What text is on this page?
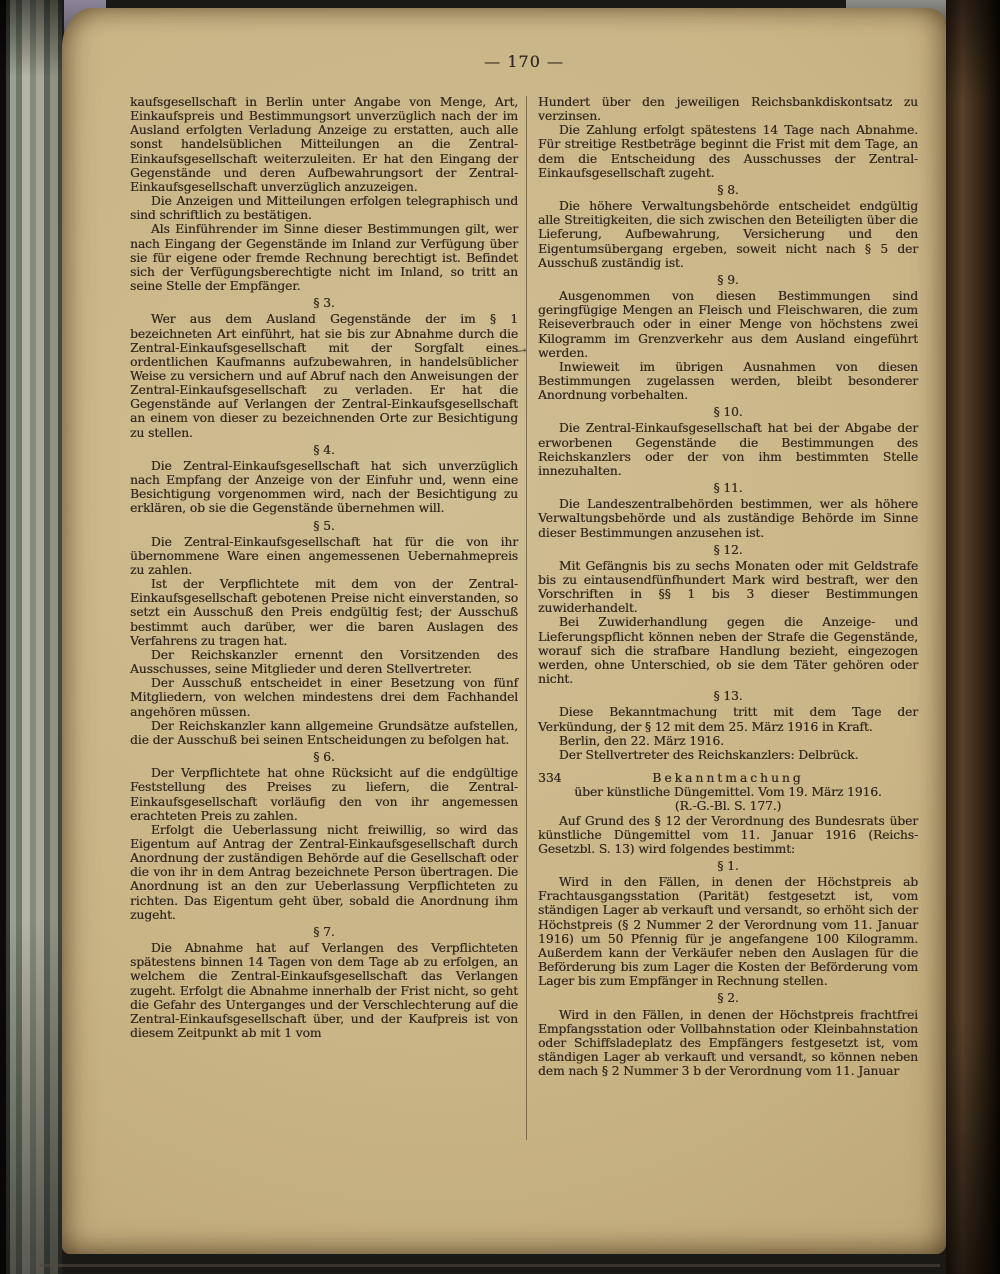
— 170 —
→
kaufsgesellschaft in Berlin unter Angabe von Menge, Art, Einkaufspreis und Bestimmungsort unverzüglich nach der im Ausland erfolgten Verladung Anzeige zu erstatten, auch alle sonst handelsüblichen Mitteilungen an die Zentral-Einkaufsgesellschaft weiterzuleiten. Er hat den Eingang der Gegenstände und deren Aufbewahrungsort der Zentral-Einkaufsgesellschaft unverzüglich anzuzeigen.
Die Anzeigen und Mitteilungen erfolgen telegraphisch und sind schriftlich zu bestätigen.
Als Einführender im Sinne dieser Bestimmungen gilt, wer nach Eingang der Gegenstände im Inland zur Verfügung über sie für eigene oder fremde Rechnung berechtigt ist. Befindet sich der Verfügungsberechtigte nicht im Inland, so tritt an seine Stelle der Empfänger.
§ 3.
Wer aus dem Ausland Gegenstände der im § 1 bezeichneten Art einführt, hat sie bis zur Abnahme durch die Zentral-Einkaufsgesellschaft mit der Sorgfalt eines ordentlichen Kaufmanns aufzubewahren, in handelsüblicher Weise zu versichern und auf Abruf nach den Anweisungen der Zentral-Einkaufsgesellschaft zu verladen. Er hat die Gegenstände auf Verlangen der Zentral-Einkaufsgesellschaft an einem von dieser zu bezeichnenden Orte zur Besichtigung zu stellen.
§ 4.
Die Zentral-Einkaufsgesellschaft hat sich unverzüglich nach Empfang der Anzeige von der Einfuhr und, wenn eine Besichtigung vorgenommen wird, nach der Besichtigung zu erklären, ob sie die Gegenstände übernehmen will.
§ 5.
Die Zentral-Einkaufsgesellschaft hat für die von ihr übernommene Ware einen angemessenen Uebernahmepreis zu zahlen.
Ist der Verpflichtete mit dem von der Zentral-Einkaufsgesellschaft gebotenen Preise nicht einverstanden, so setzt ein Ausschuß den Preis endgültig fest; der Ausschuß bestimmt auch darüber, wer die baren Auslagen des Verfahrens zu tragen hat.
Der Reichskanzler ernennt den Vorsitzenden des Ausschusses, seine Mitglieder und deren Stellvertreter.
Der Ausschuß entscheidet in einer Besetzung von fünf Mitgliedern, von welchen mindestens drei dem Fachhandel angehören müssen.
Der Reichskanzler kann allgemeine Grundsätze aufstellen, die der Ausschuß bei seinen Entscheidungen zu befolgen hat.
§ 6.
Der Verpflichtete hat ohne Rücksicht auf die endgültige Feststellung des Preises zu liefern, die Zentral-Einkaufsgesellschaft vorläufig den von ihr angemessen erachteten Preis zu zahlen.
Erfolgt die Ueberlassung nicht freiwillig, so wird das Eigentum auf Antrag der Zentral-Einkaufsgesellschaft durch Anordnung der zuständigen Behörde auf die Gesellschaft oder die von ihr in dem Antrag bezeichnete Person übertragen. Die Anordnung ist an den zur Ueberlassung Verpflichteten zu richten. Das Eigentum geht über, sobald die Anordnung ihm zugeht.
§ 7.
Die Abnahme hat auf Verlangen des Verpflichteten spätestens binnen 14 Tagen von dem Tage ab zu erfolgen, an welchem die Zentral-Einkaufsgesellschaft das Verlangen zugeht. Erfolgt die Abnahme innerhalb der Frist nicht, so geht die Gefahr des Unterganges und der Verschlechterung auf die Zentral-Einkaufsgesellschaft über, und der Kaufpreis ist von diesem Zeitpunkt ab mit 1 vom
Hundert über den jeweiligen Reichsbankdiskontsatz zu verzinsen.
Die Zahlung erfolgt spätestens 14 Tage nach Abnahme. Für streitige Restbeträge beginnt die Frist mit dem Tage, an dem die Entscheidung des Ausschusses der Zentral-Einkaufsgesellschaft zugeht.
§ 8.
Die höhere Verwaltungsbehörde entscheidet endgültig alle Streitigkeiten, die sich zwischen den Beteiligten über die Lieferung, Aufbewahrung, Versicherung und den Eigentumsübergang ergeben, soweit nicht nach § 5 der Ausschuß zuständig ist.
§ 9.
Ausgenommen von diesen Bestimmungen sind geringfügige Mengen an Fleisch und Fleischwaren, die zum Reiseverbrauch oder in einer Menge von höchstens zwei Kilogramm im Grenzverkehr aus dem Ausland eingeführt werden.
Inwieweit im übrigen Ausnahmen von diesen Bestimmungen zugelassen werden, bleibt besonderer Anordnung vorbehalten.
§ 10.
Die Zentral-Einkaufsgesellschaft hat bei der Abgabe der erworbenen Gegenstände die Bestimmungen des Reichskanzlers oder der von ihm bestimmten Stelle innezuhalten.
§ 11.
Die Landeszentralbehörden bestimmen, wer als höhere Verwaltungsbehörde und als zuständige Behörde im Sinne dieser Bestimmungen anzusehen ist.
§ 12.
Mit Gefängnis bis zu sechs Monaten oder mit Geldstrafe bis zu eintausendfünfhundert Mark wird bestraft, wer den Vorschriften in §§ 1 bis 3 dieser Bestimmungen zuwiderhandelt.
Bei Zuwiderhandlung gegen die Anzeige- und Lieferungspflicht können neben der Strafe die Gegenstände, worauf sich die strafbare Handlung bezieht, eingezogen werden, ohne Unterschied, ob sie dem Täter gehören oder nicht.
§ 13.
Diese Bekanntmachung tritt mit dem Tage der Verkündung, der § 12 mit dem 25. März 1916 in Kraft.
Berlin, den 22. März 1916.
Der Stellvertreter des Reichskanzlers: Delbrück.
334	Bekanntmachung
über künstliche Düngemittel. Vom 19. März 1916.
(R.-G.-Bl. S. 177.)
Auf Grund des § 12 der Verordnung des Bundesrats über künstliche Düngemittel vom 11. Januar 1916 (Reichs-Gesetzbl. S. 13) wird folgendes bestimmt:
§ 1.
Wird in den Fällen, in denen der Höchstpreis ab Frachtausgangsstation (Parität) festgesetzt ist, vom ständigen Lager ab verkauft und versandt, so erhöht sich der Höchstpreis (§ 2 Nummer 2 der Verordnung vom 11. Januar 1916) um 50 Pfennig für je angefangene 100 Kilogramm. Außerdem kann der Verkäufer neben den Auslagen für die Beförderung bis zum Lager die Kosten der Beförderung vom Lager bis zum Empfänger in Rechnung stellen.
§ 2.
Wird in den Fällen, in denen der Höchstpreis frachtfrei Empfangsstation oder Vollbahnstation oder Kleinbahnstation oder Schiffsladeplatz des Empfängers festgesetzt ist, vom ständigen Lager ab verkauft und versandt, so können neben dem nach § 2 Nummer 3 b der Verordnung vom 11. Januar
